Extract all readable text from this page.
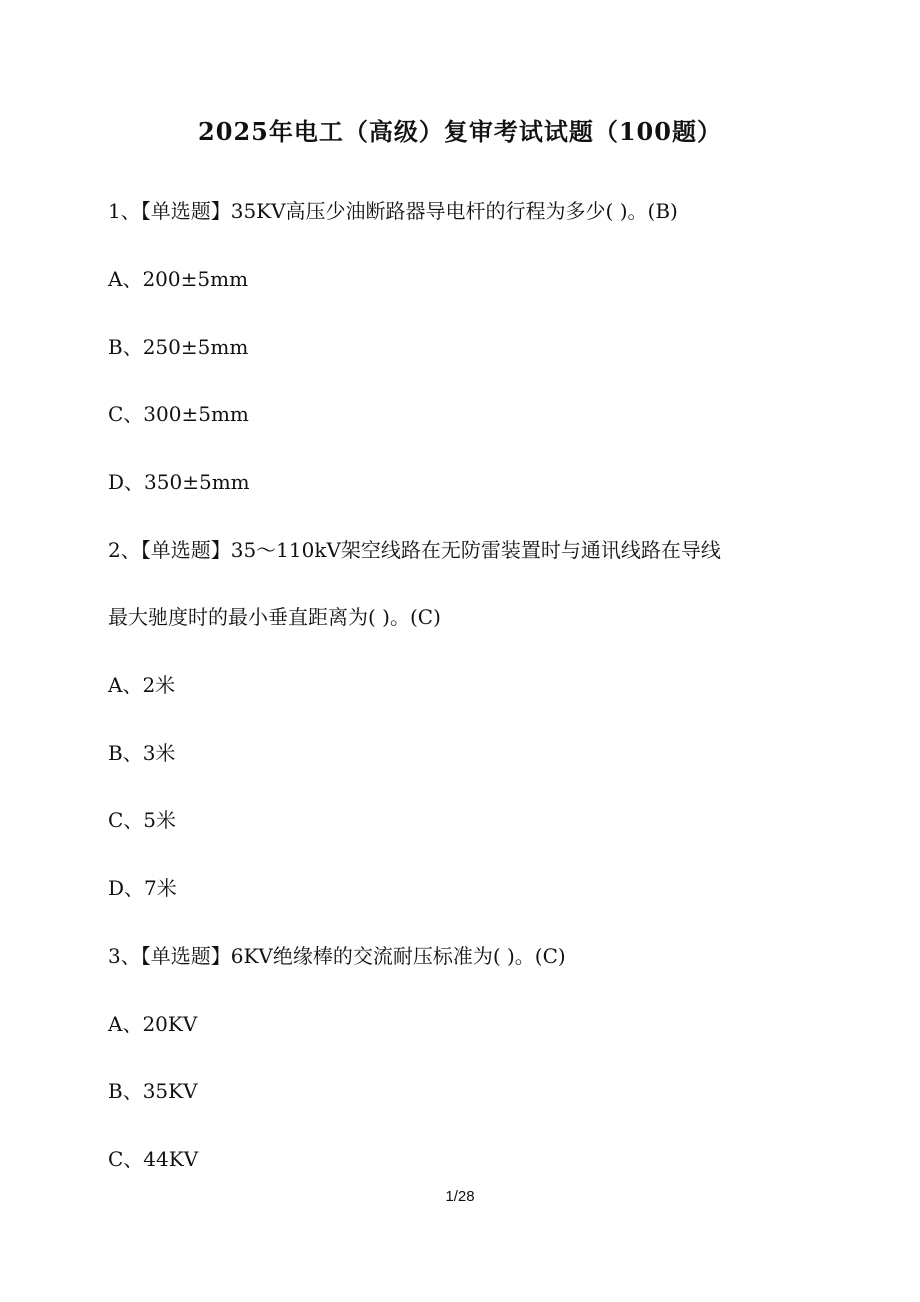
2025年电工（高级）复审考试试题（100题）
1、【单选题】35KV高压少油断路器导电杆的行程为多少( )。(B)
A、200±5mm
B、250±5mm
C、300±5mm
D、350±5mm
2、【单选题】35～110kV架空线路在无防雷装置时与通讯线路在导线
最大驰度时的最小垂直距离为( )。(C)
A、2米
B、3米
C、5米
D、7米
3、【单选题】6KV绝缘棒的交流耐压标准为( )。(C)
A、20KV
B、35KV
C、44KV
1/28
